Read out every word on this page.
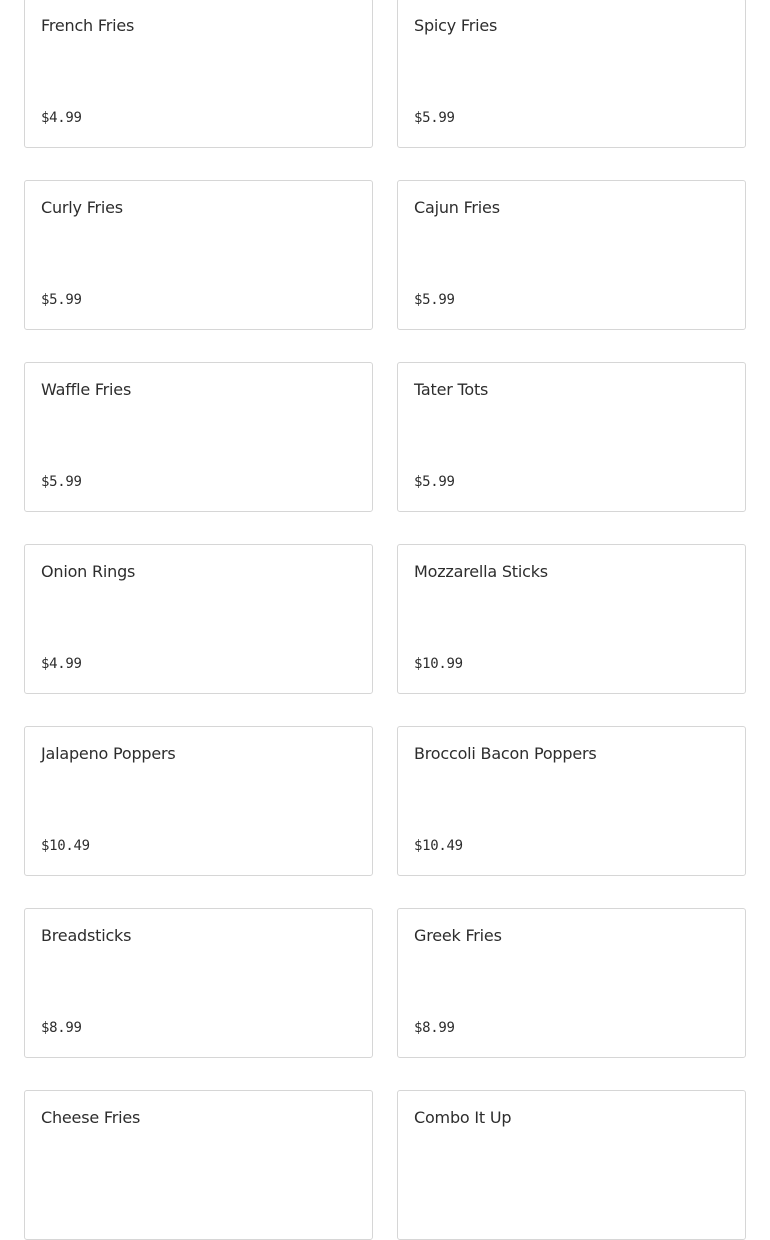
French Fries
$4.99
Spicy Fries
$5.99
Curly Fries
$5.99
Cajun Fries
$5.99
Waffle Fries
$5.99
Tater Tots
$5.99
Onion Rings
$4.99
Mozzarella Sticks
$10.99
Jalapeno Poppers
$10.49
Broccoli Bacon Poppers
$10.49
Breadsticks
$8.99
Greek Fries
$8.99
Cheese Fries	Combo It Up
